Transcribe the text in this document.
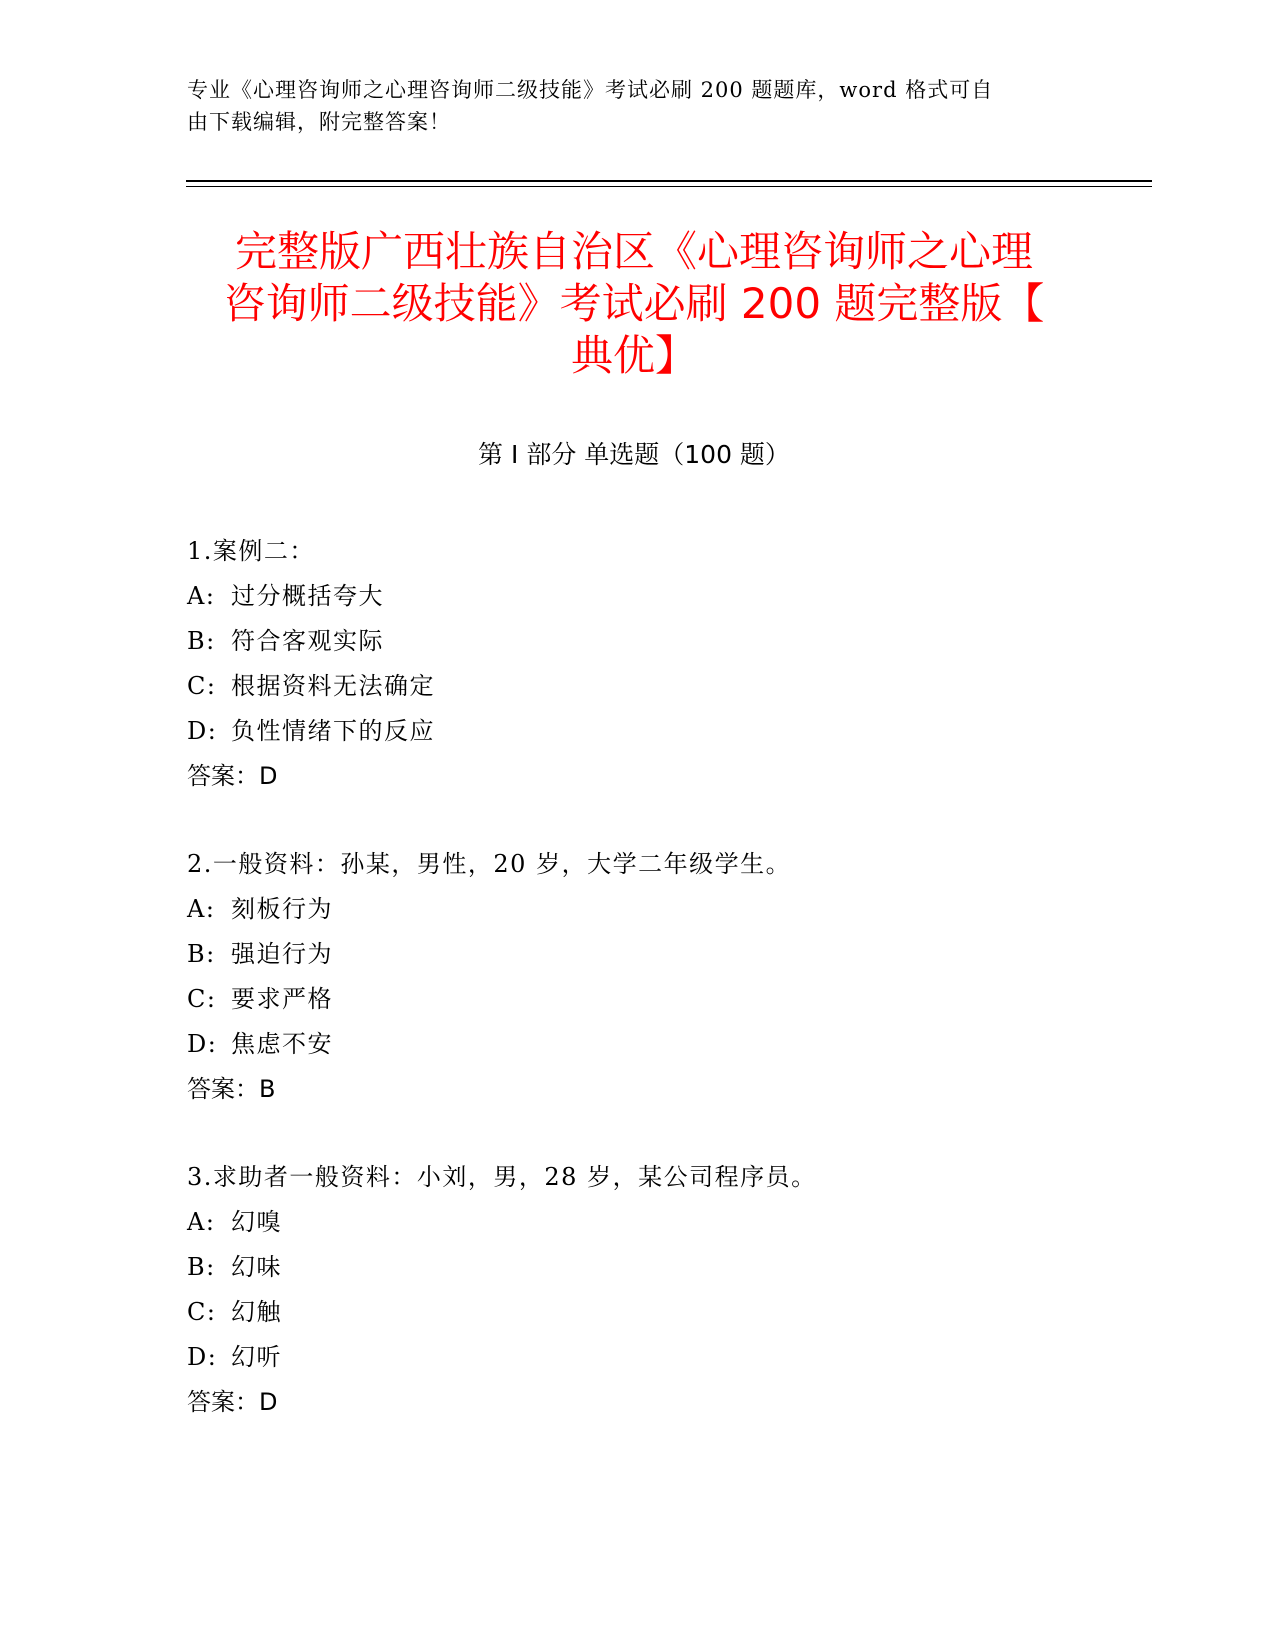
专业《心理咨询师之心理咨询师二级技能》考试必刷 200 题题库，word 格式可自
由下载编辑，附完整答案！
完整版广西壮族自治区《心理咨询师之心理
咨询师二级技能》考试必刷 200 题完整版【
典优】
第 I 部分 单选题（100 题）
1.案例二：
A: 过分概括夸大
B: 符合客观实际
C: 根据资料无法确定
D: 负性情绪下的反应
答案：D
2.一般资料：孙某，男性，20 岁，大学二年级学生。
A: 刻板行为
B: 强迫行为
C: 要求严格
D: 焦虑不安
答案：B
3.求助者一般资料：小刘，男，28 岁，某公司程序员。
A: 幻嗅
B: 幻味
C: 幻触
D: 幻听
答案：D
